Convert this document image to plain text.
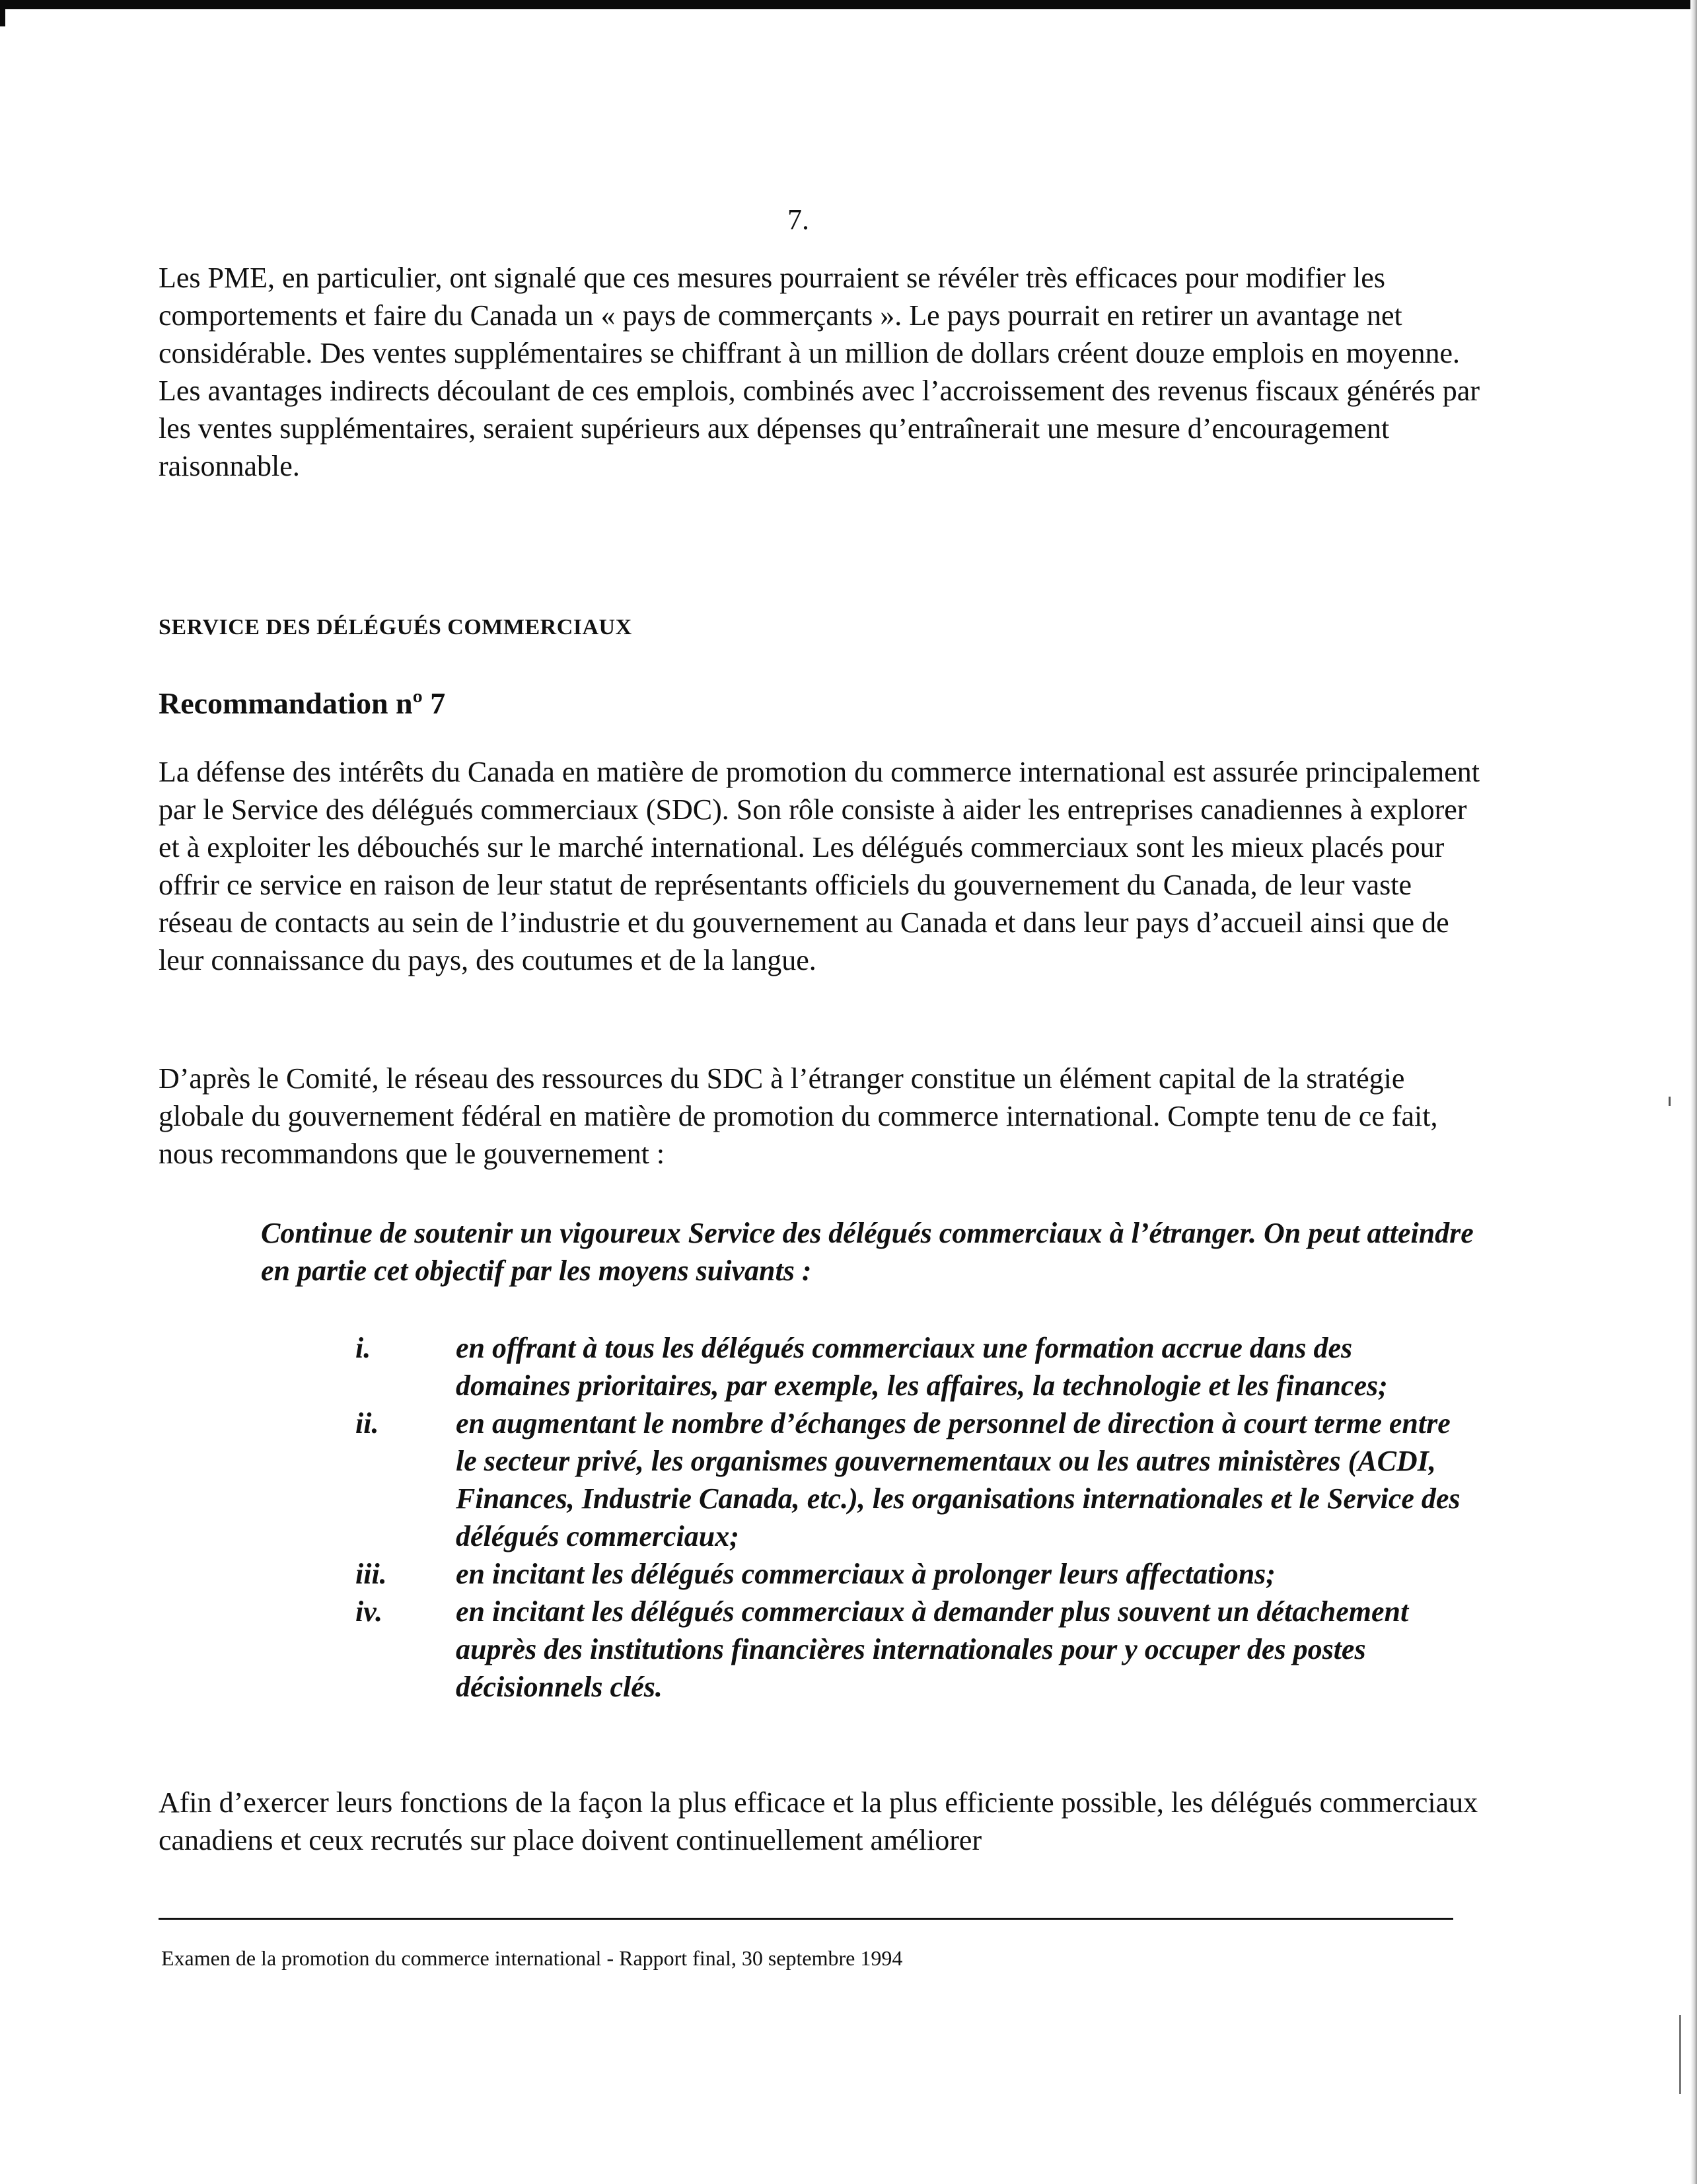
7.

Les PME, en particulier, ont signalé que ces mesures pourraient se révéler très efficaces pour modifier les comportements et faire du Canada un « pays de commerçants ». Le pays pourrait en retirer un avantage net considérable. Des ventes supplémentaires se chiffrant à un million de dollars créent douze emplois en moyenne. Les avantages indirects découlant de ces emplois, combinés avec l’accroissement des revenus fiscaux générés par les ventes supplémentaires, seraient supérieurs aux dépenses qu’entraînerait une mesure d’encouragement raisonnable.

SERVICE DES DÉLÉGUÉS COMMERCIAUX
Recommandation nº 7

La défense des intérêts du Canada en matière de promotion du commerce international est assurée principalement par le Service des délégués commerciaux (SDC). Son rôle consiste à aider les entreprises canadiennes à explorer et à exploiter les débouchés sur le marché international. Les délégués commerciaux sont les mieux placés pour offrir ce service en raison de leur statut de représentants officiels du gouvernement du Canada, de leur vaste réseau de contacts au sein de l’industrie et du gouvernement au Canada et dans leur pays d’accueil ainsi que de leur connaissance du pays, des coutumes et de la langue.

D’après le Comité, le réseau des ressources du SDC à l’étranger constitue un élément capital de la stratégie globale du gouvernement fédéral en matière de promotion du commerce international. Compte tenu de ce fait, nous recommandons que le gouvernement :

Continue de soutenir un vigoureux Service des délégués commerciaux à l’étranger. On peut atteindre en partie cet objectif par les moyens suivants :

i.	en offrant à tous les délégués commerciaux une formation accrue dans des domaines prioritaires, par exemple, les affaires, la technologie et les finances;
ii.	en augmentant le nombre d’échanges de personnel de direction à court terme entre le secteur privé, les organismes gouvernementaux ou les autres ministères (ACDI, Finances, Industrie Canada, etc.), les organisations internationales et le Service des délégués commerciaux;
iii. en incitant les délégués commerciaux à prolonger leurs affectations;
iv.	en incitant les délégués commerciaux à demander plus souvent un détachement auprès des institutions financières internationales pour y occuper des postes décisionnels clés.

Afin d’exercer leurs fonctions de la façon la plus efficace et la plus efficiente possible, les délégués commerciaux canadiens et ceux recrutés sur place doivent continuellement améliorer

Examen de la promotion du commerce international - Rapport final, 30 septembre 1994
